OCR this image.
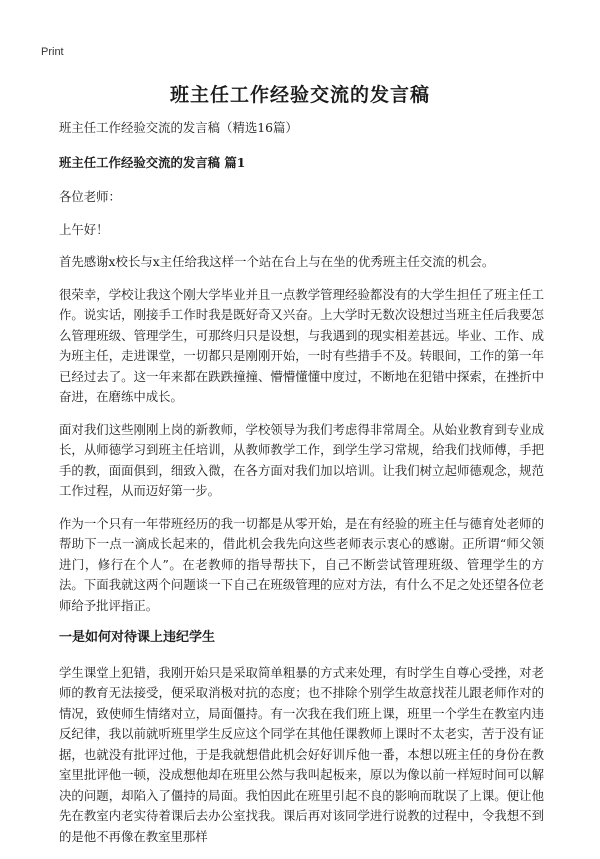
Print
班主任工作经验交流的发言稿

班主任工作经验交流的发言稿（精选16篇）

班主任工作经验交流的发言稿 篇1

各位老师：

上午好！

首先感谢x校长与x主任给我这样一个站在台上与在坐的优秀班主任交流的机会。

很荣幸，学校让我这个刚大学毕业并且一点教学管理经验都没有的大学生担任了班主任工作。说实话，刚接手工作时我是既好奇又兴奋。上大学时无数次设想过当班主任后我要怎么管理班级、管理学生，可那终归只是设想，与我遇到的现实相差甚远。毕业、工作、成为班主任，走进课堂，一切都只是刚刚开始，一时有些措手不及。转眼间，工作的第一年已经过去了。这一年来都在跌跌撞撞、懵懵懂懂中度过，不断地在犯错中探索，在挫折中奋进，在磨练中成长。

面对我们这些刚刚上岗的新教师，学校领导为我们考虑得非常周全。从始业教育到专业成长，从师德学习到班主任培训，从教师教学工作，到学生学习常规，给我们找师傅，手把手的教，面面俱到，细致入微，在各方面对我们加以培训。让我们树立起师德观念，规范工作过程，从而迈好第一步。

作为一个只有一年带班经历的我一切都是从零开始，是在有经验的班主任与德育处老师的帮助下一点一滴成长起来的，借此机会我先向这些老师表示衷心的感谢。正所谓“师父领进门，修行在个人”。在老教师的指导帮扶下，自己不断尝试管理班级、管理学生的方法。下面我就这两个问题谈一下自己在班级管理的应对方法，有什么不足之处还望各位老师给予批评指正。

一是如何对待课上违纪学生

学生课堂上犯错，我刚开始只是采取简单粗暴的方式来处理，有时学生自尊心受挫，对老师的教育无法接受，便采取消极对抗的态度；也不排除个别学生故意找茬儿跟老师作对的情况，致使师生情绪对立，局面僵持。有一次我在我们班上课，班里一个学生在教室内违反纪律，我以前就听班里学生反应这个同学在其他任课教师上课时不太老实，苦于没有证据，也就没有批评过他，于是我就想借此机会好好训斥他一番，本想以班主任的身份在教室里批评他一顿，没成想他却在班里公然与我叫起板来，原以为像以前一样短时间可以解决的问题，却陷入了僵持的局面。我怕因此在班里引起不良的影响而耽误了上课。便让他先在教室内老实待着课后去办公室找我。课后再对该同学进行说教的过程中，令我想不到的是他不再像在教室里那样
